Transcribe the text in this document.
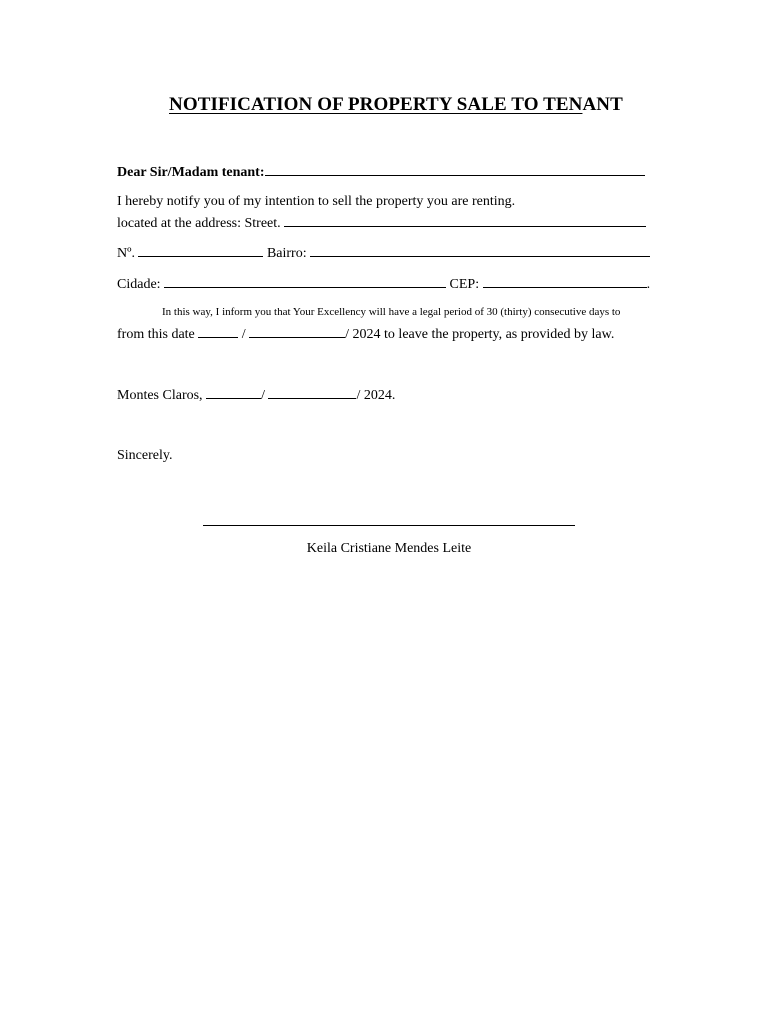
NOTIFICATION OF PROPERTY SALE TO TENANT
Dear Sir/Madam tenant:
I hereby notify you of my intention to sell the property you are renting.
located at the address: Street.
Nº.	Bairro:
Cidade:	CEP:	.
In this way, I inform you that Your Excellency will have a legal period of 30 (thirty) consecutive days to
from this date	/	/ 2024 to leave the property, as provided by law.
Montes Claros,	/	/ 2024.
Sincerely.
Keila Cristiane Mendes Leite
